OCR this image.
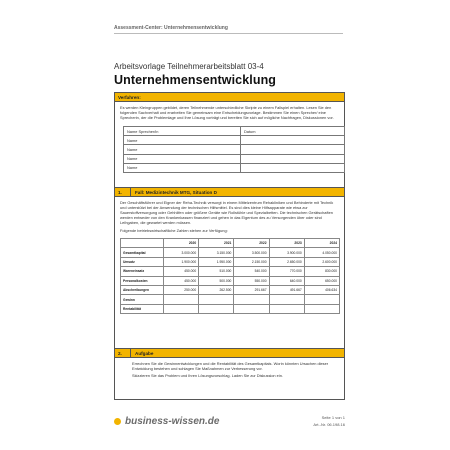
Assessment-Center: Unternehmensentwicklung
Arbeitsvorlage Teilnehmerarbeitsblatt 03-4
Unternehmensentwicklung
Verfahren:
Es werden Kleingruppen gebildet, deren Teilnehmende unterschiedliche Skripte zu einem Fallspiel erhalten. Lesen Sie den folgenden Sachverhalt und erarbeiten Sie gemeinsam eine Entscheidungsvorlage. Bestimmen Sie einen Sprecher/ eine Sprecherin, der die Problemlage und Ihre Lösung vorträgt und bereiten Sie sich auf mögliche Nachfragen, Diskussionen vor.
Name Sprecher/in	Datum
Name	
Name	
Name	
Name	
1.	Fall: Medizintechnik MTG, Situation D
Der Geschäftsführer und Eigner der Reha-Technik versorgt in einem Mittelzentrum Rehakliniken und Behinderte mit Technik und unterstützt bei der Anwendung der technischen Hilfsmittel. Es sind dies kleine Hilfsapparate wie etwa zur Sauerstoffversorgung oder Gehhilfen oder größere Geräte wie Rollstühle und Spezialbetten. Die technischen Gerätschaften werden entweder von den Krankenkassen finanziert und gehen in das Eigentum des zu Versorgenden über oder sind Leihgaben, die gewartet werden müssen.
Folgende betriebswirtschaftliche Zahlen stehen zur Verfügung:
	2020	2021	2022	2023	2024
Gesamtkapital	3.000.000	3.150.000	3.500.000	3.900.000	4.050.000
Umsatz	1.900.000	1.950.000	2.150.000	2.650.000	2.600.000
Wareneinsatz	450.000	510.000	540.000	770.000	830.000
Personalkosten	450.000	500.000	550.000	640.000	650.000
Abschreibungen	250.000	262.500	291.667	491.667	406.634
Gewinn					
Rentabilität					
2.	Aufgabe
Errechnen Sie die Gewinnentwicklungen und die Rentabilität des Gesamtkapitals. Worin könnten Ursachen dieser Entwicklung bestehen und schlagen Sie Maßnahmen zur Verbesserung vor.
Skizzieren Sie das Problem und Ihren Lösungsvorschlag. Laden Sie zur Diskussion ein.
business-wissen.de	Seite 1 von 1
Art.-Nr. 06.198.16
